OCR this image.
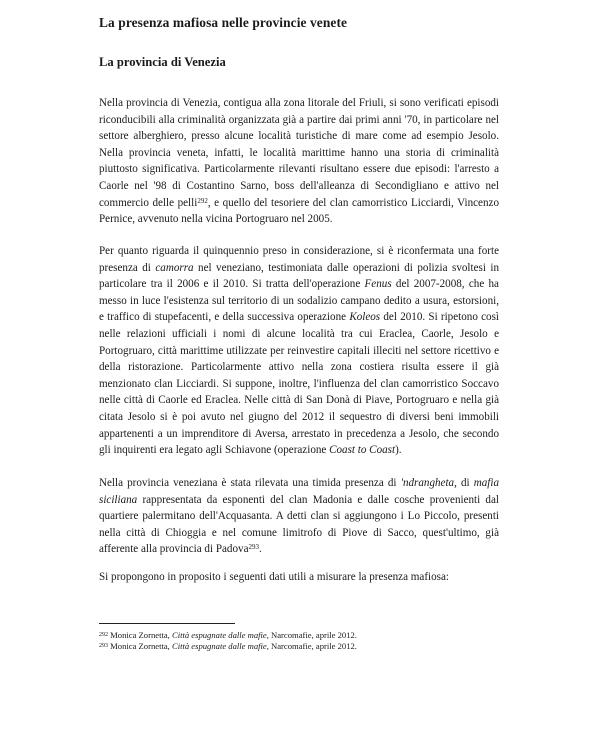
La presenza mafiosa nelle provincie venete
La provincia di Venezia

Nella provincia di Venezia, contigua alla zona litorale del Friuli, si sono verificati episodi riconducibili alla criminalità organizzata già a partire dai primi anni '70, in particolare nel settore alberghiero, presso alcune località turistiche di mare come ad esempio Jesolo. Nella provincia veneta, infatti, le località marittime hanno una storia di criminalità piuttosto significativa. Particolarmente rilevanti risultano essere due episodi: l'arresto a Caorle nel '98 di Costantino Sarno, boss dell'alleanza di Secondigliano e attivo nel commercio delle pelli$^{292}$, e quello del tesoriere del clan camorristico Licciardi, Vincenzo Pernice, avvenuto nella vicina Portogruaro nel 2005.

Per quanto riguarda il quinquennio preso in considerazione, si è riconfermata una forte presenza di camorra nel veneziano, testimoniata dalle operazioni di polizia svoltesi in particolare tra il 2006 e il 2010. Si tratta dell'operazione Fenus del 2007-2008, che ha messo in luce l'esistenza sul territorio di un sodalizio campano dedito a usura, estorsioni, e traffico di stupefacenti, e della successiva operazione Koleos del 2010. Si ripetono così nelle relazioni ufficiali i nomi di alcune località tra cui Eraclea, Caorle, Jesolo e Portogruaro, città marittime utilizzate per reinvestire capitali illeciti nel settore ricettivo e della ristorazione. Particolarmente attivo nella zona costiera risulta essere il già menzionato clan Licciardi. Si suppone, inoltre, l'influenza del clan camorristico Soccavo nelle città di Caorle ed Eraclea. Nelle città di San Donà di Piave, Portogruaro e nella già citata Jesolo si è poi avuto nel giugno del 2012 il sequestro di diversi beni immobili appartenenti a un imprenditore di Aversa, arrestato in precedenza a Jesolo, che secondo gli inquirenti era legato agli Schiavone (operazione Coast to Coast).

Nella provincia veneziana è stata rilevata una timida presenza di 'ndrangheta, di mafia siciliana rappresentata da esponenti del clan Madonia e dalle cosche provenienti dal quartiere palermitano dell'Acquasanta. A detti clan si aggiungono i Lo Piccolo, presenti nella città di Chioggia e nel comune limitrofo di Piove di Sacco, quest'ultimo, già afferente alla provincia di Padova$^{293}$.

Si propongono in proposito i seguenti dati utili a misurare la presenza mafiosa:

$^{292}$ Monica Zornetta, Città espugnate dalle mafie, Narcomafie, aprile 2012.

$^{293}$ Monica Zornetta, Città espugnate dalle mafie, Narcomafie, aprile 2012.
